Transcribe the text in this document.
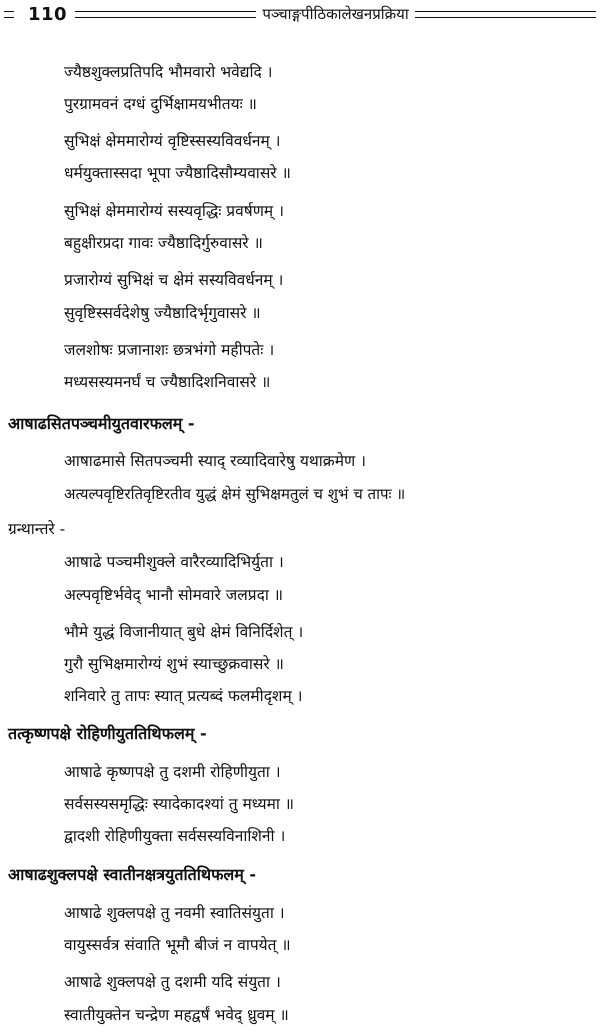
110	पञ्चाङ्गपीठिकालेखनप्रक्रिया
ज्यैष्ठशुक्लप्रतिपदि भौमवारो भवेद्यदि ।
पुरग्रामवनं दग्धं दुर्भिक्षामयभीतयः ॥
सुभिक्षं क्षेममारोग्यं वृष्टिस्सस्यविवर्धनम् ।
धर्मयुक्तास्सदा भूपा ज्यैष्ठादिसौम्यवासरे ॥
सुभिक्षं क्षेममारोग्यं सस्यवृद्धिः प्रवर्षणम् ।
बहुक्षीरप्रदा गावः ज्यैष्ठादिर्गुरुवासरे ॥
प्रजारोग्यं सुभिक्षं च क्षेमं सस्यविवर्धनम् ।
सुवृष्टिस्सर्वदेशेषु ज्यैष्ठादिर्भृगुवासरे ॥
जलशोषः प्रजानाशः छत्रभंगो महीपतेः ।
मध्यसस्यमनर्घं च ज्यैष्ठादिशनिवासरे ॥
आषाढसितपञ्चमीयुतवारफलम् -
आषाढमासे सितपञ्चमी स्याद् रव्यादिवारेषु यथाक्रमेण ।
अत्यल्पवृष्टिरतिवृष्टिरतीव युद्धं क्षेमं सुभिक्षमतुलं च शुभं च तापः ॥
ग्रन्थान्तरे -
आषाढे पञ्चमीशुक्ले वारैरव्यादिभिर्युता ।
अल्पवृष्टिर्भवेद् भानौ सोमवारे जलप्रदा ॥
भौमे युद्धं विजानीयात् बुधे क्षेमं विनिर्दिशेत् ।
गुरौ सुभिक्षमारोग्यं शुभं स्याच्छुक्रवासरे ॥
शनिवारे तु तापः स्यात् प्रत्यब्दं फलमीदृशम् ।
तत्कृष्णपक्षे रोहिणीयुततिथिफलम् -
आषाढे कृष्णपक्षे तु दशमी रोहिणीयुता ।
सर्वसस्यसमृद्धिः स्यादेकादश्यां तु मध्यमा ॥
द्वादशी रोहिणीयुक्ता सर्वसस्यविनाशिनी ।
आषाढशुक्लपक्षे स्वातीनक्षत्रयुततिथिफलम् -
आषाढे शुक्लपक्षे तु नवमी स्वातिसंयुता ।
वायुस्सर्वत्र संवाति भूमौ बीजं न वापयेत् ॥
आषाढे शुक्लपक्षे तु दशमी यदि संयुता ।
स्वातीयुक्तेन चन्द्रेण महद्वर्षं भवेद् ध्रुवम् ॥
